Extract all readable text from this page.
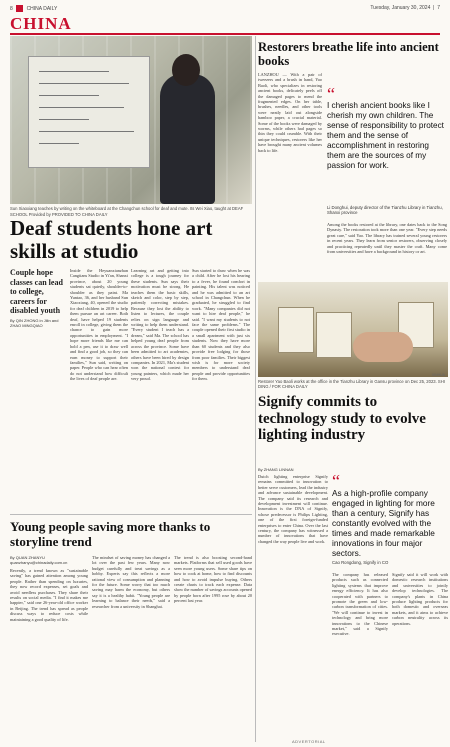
8	CHINA DAILY	Tuesday, January 30, 2024  |  7
CHINA
Sun Xiaoxiang teaches by writing on the whiteboard at the Changchun school for deaf and mute. Its Wei Xiao, taught at DEAF SCHOOL Provided by PROVIDED TO CHINA DAILY
Deaf students hone art skills at studio
Couple hope classes can lead to college, careers for disabled youth
By QIN ZHONG in Jilin and ZHAO MINGQIAO
Inside the Heyuanxianzhan Cangtians Studio in Yi'an, Shanxi province, about 20 young students sat quietly, shoulder-to-shoulder as they paint. Ma Yuntao, 36, and her husband Sun Xiaoxiang, 40, opened the studio for deaf children in 2019 to help them pursue an art career. Both deaf, have helped 19 students enroll in college, giving them the chance to gain more opportunities in employment. "I hope more friends like me can hold a pen, use it to draw well and find a good job, so they can earn money to support their families," Sun said, writing on paper. People who can hear often do not understand how difficult the lives of deaf people are.
Learning art and getting into college is a tough journey for these students. Sun says their motivation must be strong. He teaches them the basic skills, sketch and color, step by step, patiently correcting mistakes. Because they lost the ability to listen to lectures, the couple relies on sign language and writing to help them understand. "Every student I teach has a dream," said Ma. The school has helped young deaf people from across the province. Some have been admitted to art academies, others have been hired by design companies. In 2021, Ma's student won the national contest for young painters, which made her very proud.
Sun started to draw when he was a child. After he lost his hearing to a fever, he found comfort in painting. His talent was noticed and he was admitted to an art school in Changchun. When he graduated, he struggled to find work. "Many companies did not want to hire deaf people," he said. "I want my students to not face the same problems." The couple opened their first studio in a small apartment with just six students. Now they have more than 60 students and they also provide free lodging for those from poor families. Their biggest wish is for more society members to understand deaf people and provide opportunities for them.
Young people saving more thanks to storyline trend
By QUAN ZHANYU quanzhanyu@chinadaily.com.cn
Recently, a trend known as "sustainable saving" has gained attention among young people. Rather than spending on luxuries, they now record expenses, set goals and avoid needless purchases. They share their results on social media. "I find it makes me happier," said one 26-year-old office worker in Beijing. The trend has spread as people discuss ways to reduce costs while maintaining a good quality of life.
The mindset of saving money has changed a lot over the past few years. Many now budget carefully and treat savings as a hobby. Experts say this reflects a more rational view of consumption and planning for the future. Some worry that too much saving may harm the economy, but others say it is a healthy habit. "Young people are learning to balance their needs," said a researcher from a university in Shanghai.
The trend is also boosting second-hand markets. Platforms that sell used goods have seen more young users. Some share tips on how to cook at home, how to find discounts and how to avoid impulse buying. Others create charts to track each expense. Data show the number of savings accounts opened by people born after 1995 rose by about 20 percent last year.
Restorers breathe life into ancient books
LANZHOU — With a pair of tweezers and a brush in hand, Yao Baoli, who specializes in restoring ancient books, delicately peels off the damaged pages to mend the fragmented edges. On her table, brushes, needles, and other tools were neatly laid out alongside bamboo paper, a crucial material. Some of the books were damaged by worms, while others had pages so thin they could crumble. With their unique techniques, restorers like her have brought many ancient volumes back to life.
“
I cherish ancient books like I cherish my own children. The sense of responsibility to protect them and the sense of accomplishment in restoring them are the sources of my passion for work.
Li Donghui, deputy director of the Tianzhu Library in Tianzhu, Shanxi province
Among the books restored at the library, one dates back to the Song Dynasty. The restoration took more than one year. "Every step needs great care," said Yao. The library has trained several young restorers in recent years. They learn from senior restorers, observing closely and practicing repeatedly until they master the craft. Many come from universities and have a background in history or art.
XINHUA
Restorer Yao Baoli works at the office in the Tianzhu Library in Gansu province on Dec 25, 2023. SHI DING / FOR CHINA DAILY
Signify commits to technology study to evolve lighting industry
By ZHANG LINNAN
Dutch lighting enterprise Signify remains committed to innovation to better serve customers, lead the industry and advance sustainable development. The company said its research and development investment will continue. Innovation is the DNA of Signify, whose predecessor is Philips Lighting, one of the first foreign-funded enterprises to enter China. Over the last century, the company has witnessed a number of innovations that have changed the way people live and work.
“
As a high-profile company engaged in lighting for more than a century, Signify has constantly evolved with the times and made remarkable innovations in four major sectors.
Cao Rongdong, Signify in CO
The company has released products such as connected lighting systems that improve energy efficiency. It has also cooperated with partners to promote the green and low-carbon transformation of cities. "We will continue to invest in technology and bring more innovations to the Chinese market," said a Signify executive.
Signify said it will work with domestic research institutions and universities to jointly develop technologies. The company's plants in China produce lighting products for both domestic and overseas markets, and it aims to achieve carbon neutrality across its operations.
ADVERTORIAL
